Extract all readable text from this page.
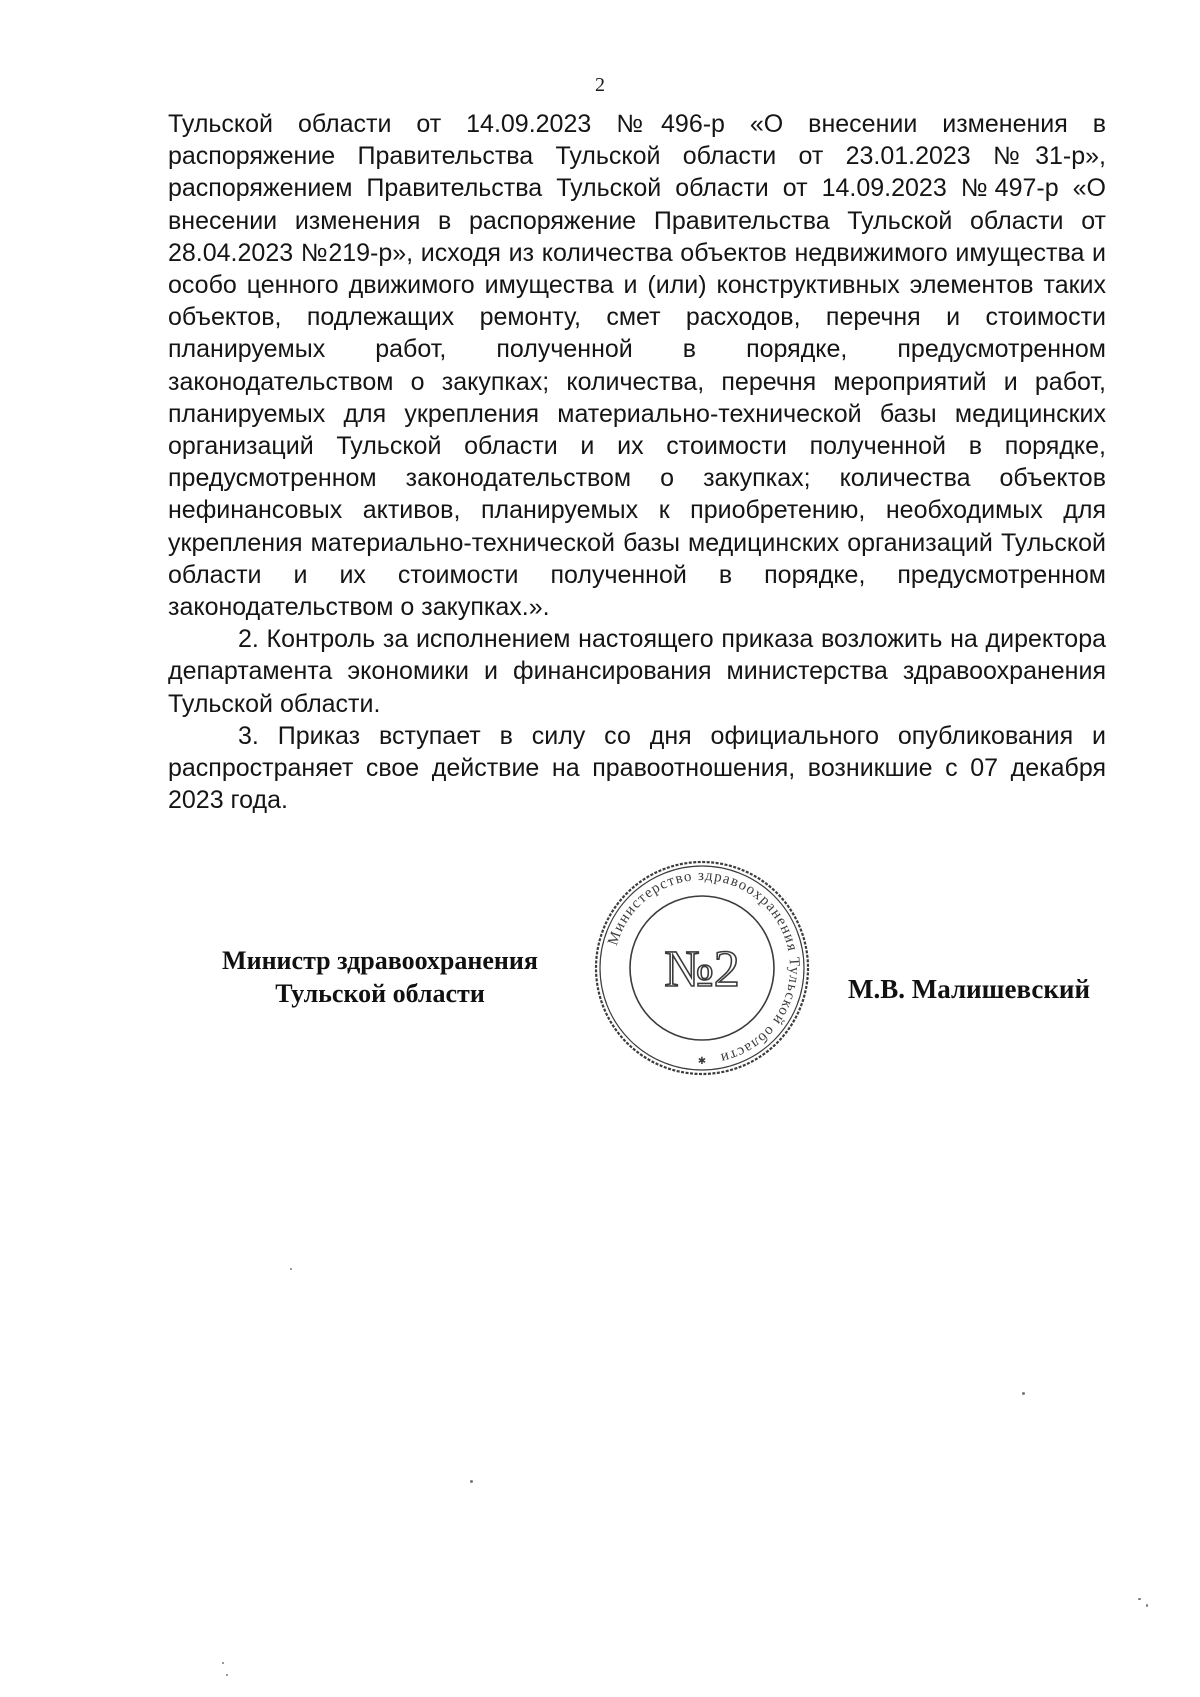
2

Тульской области от 14.09.2023 №496-р «О внесении изменения в распоряжение Правительства Тульской области от 23.01.2023 №31-р», распоряжением Правительства Тульской области от 14.09.2023 №497-р «О внесении изменения в распоряжение Правительства Тульской области от 28.04.2023 №219-р», исходя из количества объектов недвижимого имущества и особо ценного движимого имущества и (или) конструктивных элементов таких объектов, подлежащих ремонту, смет расходов, перечня и стоимости планируемых работ, полученной в порядке, предусмотренном законодательством о закупках; количества, перечня мероприятий и работ, планируемых для укрепления материально-технической базы медицинских организаций Тульской области и их стоимости полученной в порядке, предусмотренном законодательством о закупках; количества объектов нефинансовых активов, планируемых к приобретению, необходимых для укрепления материально-технической базы медицинских организаций Тульской области и их стоимости полученной в порядке, предусмотренном законодательством о закупках.».

2. Контроль за исполнением настоящего приказа возложить на директора департамента экономики и финансирования министерства здравоохранения Тульской области.

3. Приказ вступает в силу со дня официального опубликования и распространяет свое действие на правоотношения, возникшие с 07 декабря 2023 года.

Министр здравоохранения
Тульской области	М.В. Малишевский
Министерство здравоохранения Тульской области
№2
✱
